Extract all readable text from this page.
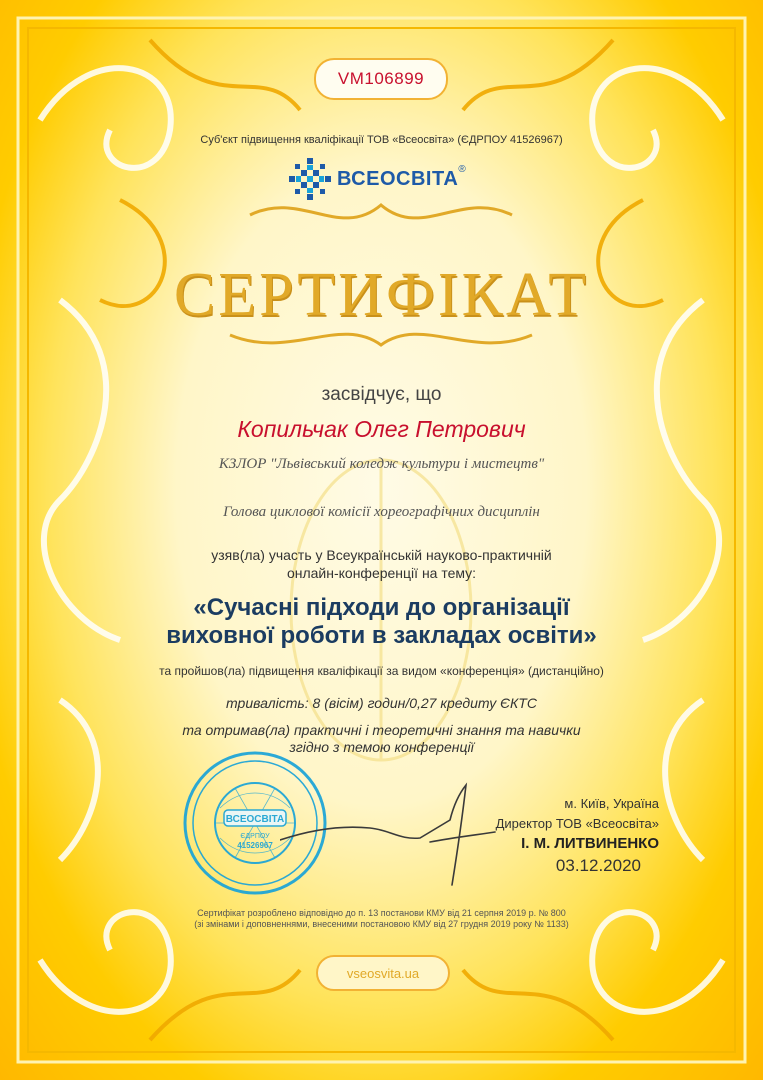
VM106899
Суб'єкт підвищення кваліфікації ТОВ «Всеосвіта» (ЄДРПОУ 41526967)
ВСЕОСВІТА ®
СЕРТИФІКАТ
засвідчує, що
Копильчак Олег Петрович
КЗЛОР "Львівський коледж культури і мистецтв"
Голова циклової комісії хореографічних дисциплін
узяв(ла) участь у Всеукраїнській науково-практичній
онлайн-конференції на тему:
«Сучасні підходи до організації
виховної роботи в закладах освіти»
та пройшов(ла) підвищення кваліфікації за видом «конференція» (дистанційно)
тривалість: 8 (вісім) годин/0,27 кредиту ЄКТС
та отримав(ла) практичні і теоретичні знання та навички
згідно з темою конференції
ВСЕОСВІТА
ЄДРПОУ
41526967
м. Київ, Україна
Директор ТОВ «Всеосвіта»
І. М. ЛИТВИНЕНКО
03.12.2020
Сертифікат розроблено відповідно до п. 13 постанови КМУ від 21 серпня 2019 р. № 800
(зі змінами і доповненнями, внесеними постановою КМУ від 27 грудня 2019 року № 1133)
vseosvita.ua
